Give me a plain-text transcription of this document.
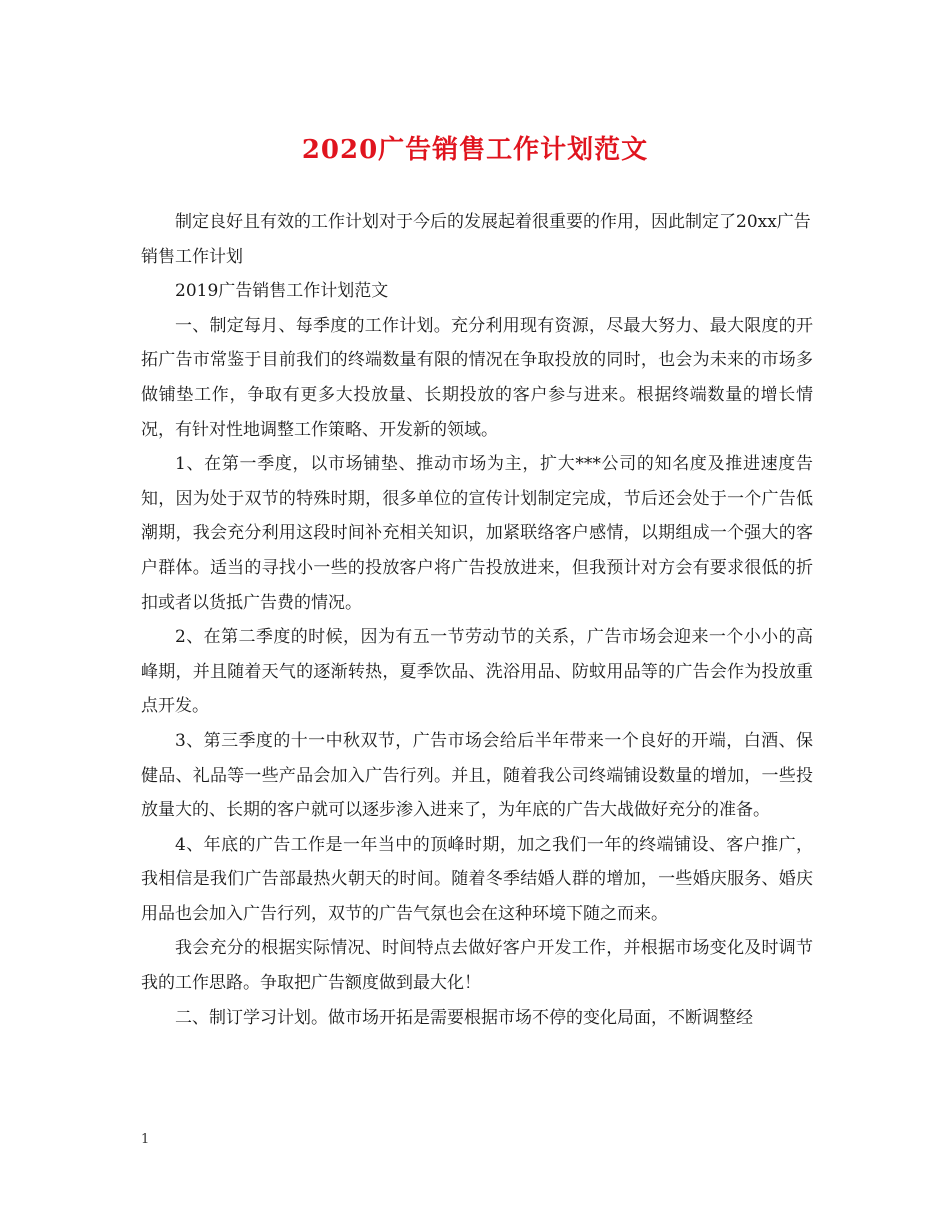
2020广告销售工作计划范文

制定良好且有效的工作计划对于今后的发展起着很重要的作用，因此制定了20xx广告销售工作计划

2019广告销售工作计划范文

一、制定每月、每季度的工作计划。充分利用现有资源，尽最大努力、最大限度的开拓广告市常鉴于目前我们的终端数量有限的情况在争取投放的同时，也会为未来的市场多做铺垫工作，争取有更多大投放量、长期投放的客户参与进来。根据终端数量的增长情况，有针对性地调整工作策略、开发新的领域。

1、在第一季度，以市场铺垫、推动市场为主，扩大***公司的知名度及推进速度告知，因为处于双节的特殊时期，很多单位的宣传计划制定完成，节后还会处于一个广告低潮期，我会充分利用这段时间补充相关知识，加紧联络客户感情，以期组成一个强大的客户群体。适当的寻找小一些的投放客户将广告投放进来，但我预计对方会有要求很低的折扣或者以货抵广告费的情况。

2、在第二季度的时候，因为有五一节劳动节的关系，广告市场会迎来一个小小的高峰期，并且随着天气的逐渐转热，夏季饮品、洗浴用品、防蚊用品等的广告会作为投放重点开发。

3、第三季度的十一中秋双节，广告市场会给后半年带来一个良好的开端，白酒、保健品、礼品等一些产品会加入广告行列。并且，随着我公司终端铺设数量的增加，一些投放量大的、长期的客户就可以逐步渗入进来了，为年底的广告大战做好充分的准备。

4、年底的广告工作是一年当中的顶峰时期，加之我们一年的终端铺设、客户推广，我相信是我们广告部最热火朝天的时间。随着冬季结婚人群的增加，一些婚庆服务、婚庆用品也会加入广告行列，双节的广告气氛也会在这种环境下随之而来。

我会充分的根据实际情况、时间特点去做好客户开发工作，并根据市场变化及时调节我的工作思路。争取把广告额度做到最大化！

二、制订学习计划。做市场开拓是需要根据市场不停的变化局面，不断调整经

1
